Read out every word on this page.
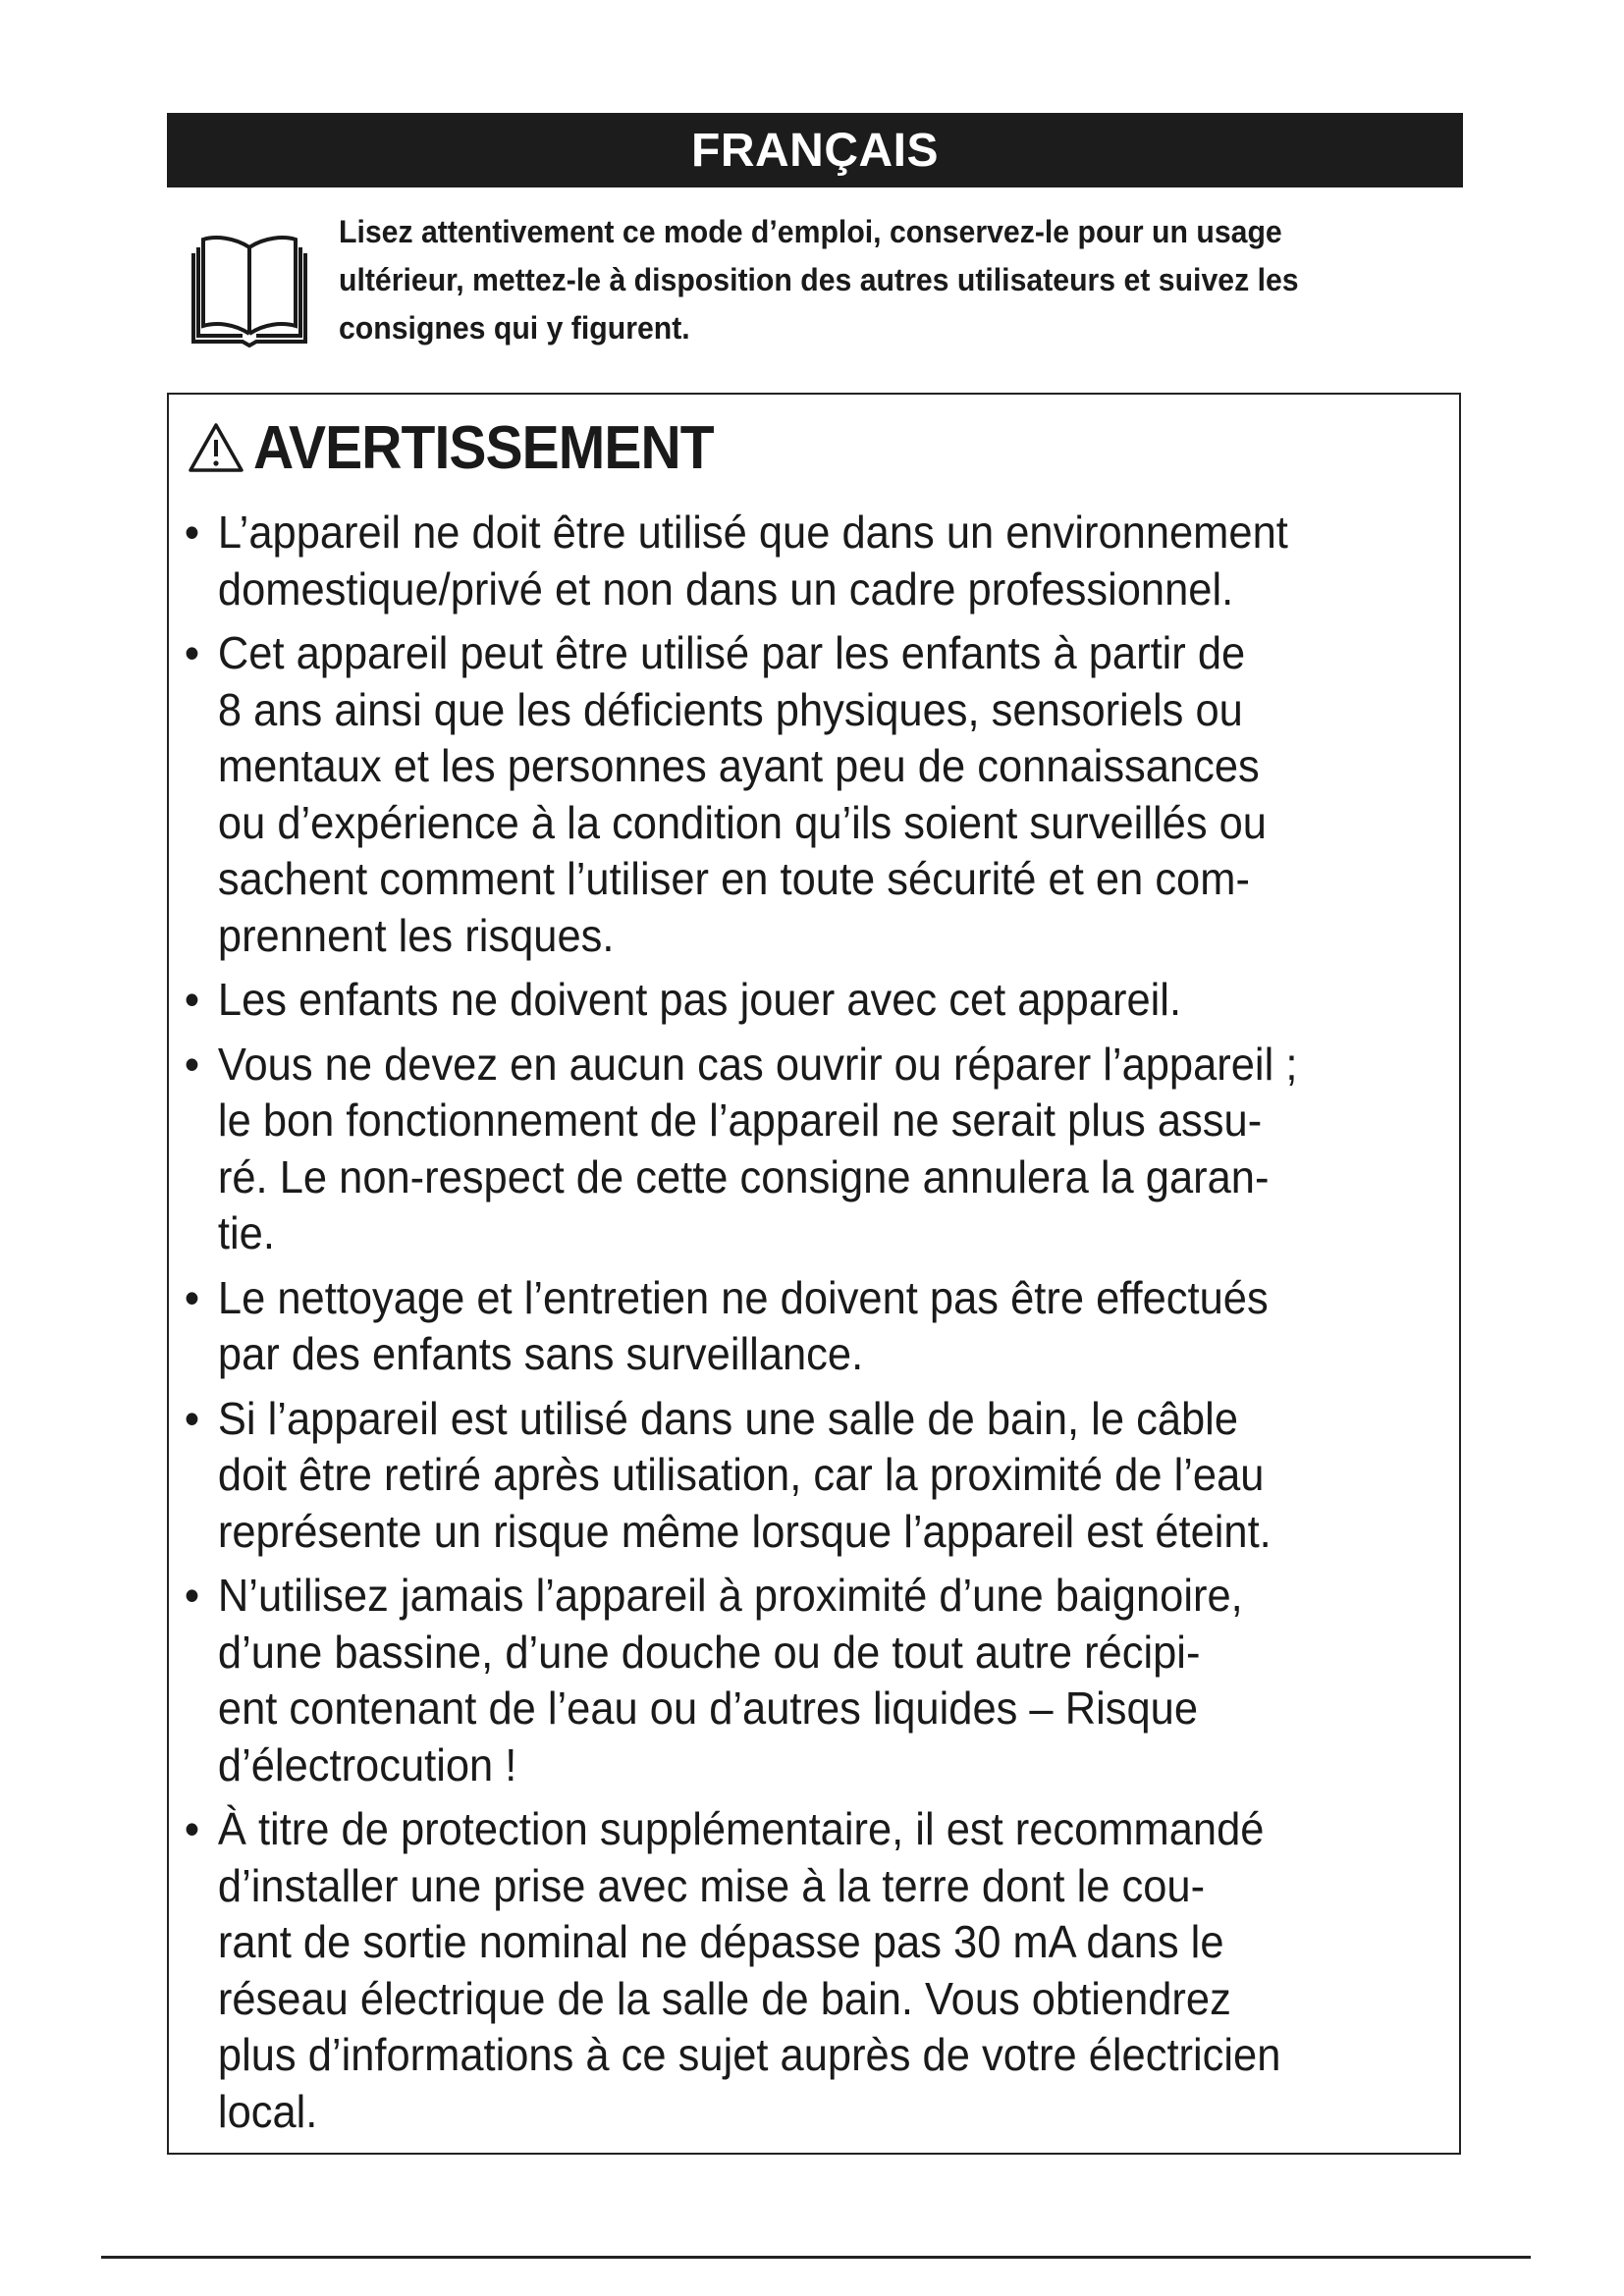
FRANÇAIS
Lisez attentivement ce mode d’emploi, conservez-le pour un usage
ultérieur, mettez-le à disposition des autres utilisateurs et suivez les
consignes qui y figurent.
AVERTISSEMENT
• L’appareil ne doit être utilisé que dans un environnement
domestique/privé et non dans un cadre professionnel.
• Cet appareil peut être utilisé par les enfants à partir de
8 ans ainsi que les déficients physiques, sensoriels ou
mentaux et les personnes ayant peu de connaissances
ou d’expérience à la condition qu’ils soient surveillés ou
sachent comment l’utiliser en toute sécurité et en com-
prennent les risques.
• Les enfants ne doivent pas jouer avec cet appareil.
• Vous ne devez en aucun cas ouvrir ou réparer l’appareil ;
le bon fonctionnement de l’appareil ne serait plus assu-
ré. Le non-respect de cette consigne annulera la garan-
tie.
• Le nettoyage et l’entretien ne doivent pas être effectués
par des enfants sans surveillance.
• Si l’appareil est utilisé dans une salle de bain, le câble
doit être retiré après utilisation, car la proximité de l’eau
représente un risque même lorsque l’appareil est éteint.
• N’utilisez jamais l’appareil à proximité d’une baignoire,
d’une bassine, d’une douche ou de tout autre récipi-
ent contenant de l’eau ou d’autres liquides – Risque
d’électrocution !
• À titre de protection supplémentaire, il est recommandé
d’installer une prise avec mise à la terre dont le cou-
rant de sortie nominal ne dépasse pas 30 mA dans le
réseau électrique de la salle de bain. Vous obtiendrez
plus d’informations à ce sujet auprès de votre électricien
local.
